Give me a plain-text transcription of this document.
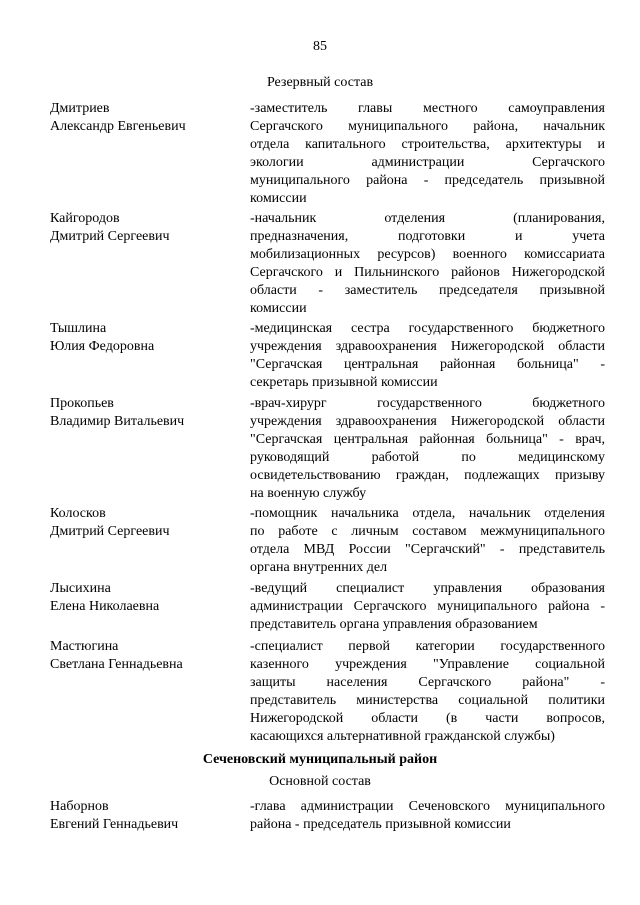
85
Резервный состав
Дмитриев
Александр Евгеньевич
-заместитель главы местного самоуправления
Сергачского муниципального района, начальник
отдела капитального строительства, архитектуры и
экологии администрации Сергачского
муниципального района - председатель призывной
комиссии
Кайгородов
Дмитрий Сергеевич
-начальник отделения (планирования,
предназначения, подготовки и учета
мобилизационных ресурсов) военного комиссариата
Сергачского и Пильнинского районов Нижегородской
области - заместитель председателя призывной
комиссии
Тышлина
Юлия Федоровна
-медицинская сестра государственного бюджетного
учреждения здравоохранения Нижегородской области
"Сергачская центральная районная больница" -
секретарь призывной комиссии
Прокопьев
Владимир Витальевич
-врач-хирург государственного бюджетного
учреждения здравоохранения Нижегородской области
"Сергачская центральная районная больница" - врач,
руководящий работой по медицинскому
освидетельствованию граждан, подлежащих призыву
на военную службу
Колосков
Дмитрий Сергеевич
-помощник начальника отдела, начальник отделения
по работе с личным составом межмуниципального
отдела МВД России "Сергачский" - представитель
органа внутренних дел
Лысихина
Елена Николаевна
-ведущий специалист управления образования
администрации Сергачского муниципального района -
представитель органа управления образованием
Мастюгина
Светлана Геннадьевна
-специалист первой категории государственного
казенного учреждения "Управление социальной
защиты населения Сергачского района" -
представитель министерства социальной политики
Нижегородской области (в части вопросов,
касающихся альтернативной гражданской службы)
Сеченовский муниципальный район
Основной состав
Наборнов
Евгений Геннадьевич
-глава администрации Сеченовского муниципального
района - председатель призывной комиссии
